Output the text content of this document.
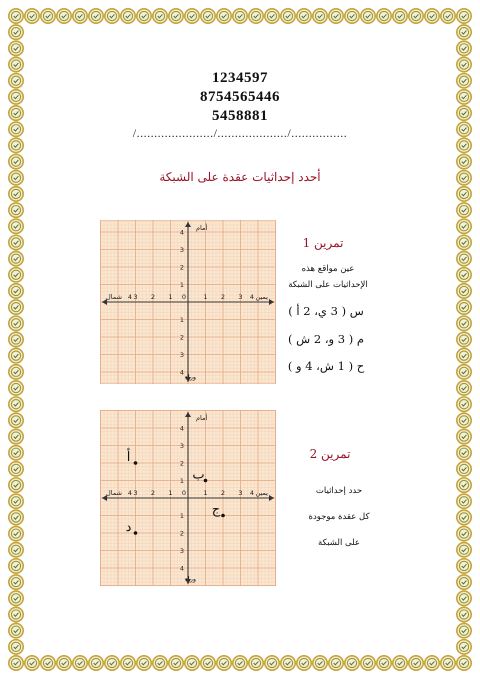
1234597
8754565446
5458881
/....................../..................../................
أحدد إحداثيات عقدة على الشبكة
3 2 1 0	1 2 3
1
2
3
1
2
3
4
4
4
4
أمام
وراء
يمين
شمال
تمرين 1
عين مواقع هذه
الإحداثيات على الشبكة
س ( 3 ي، 2 أ )
م ( 3 و، 2 ش )
ح ( 1 ش، 4 و )
3 2 1 0	1 2 3
1
2
3
1
2
3
4
4
4
4
أمام
وراء
يمين
شمال
أ
ب
ج
د
تمرين 2
حدد إحداثيات
كل عقدة موجودة
على الشبكة
